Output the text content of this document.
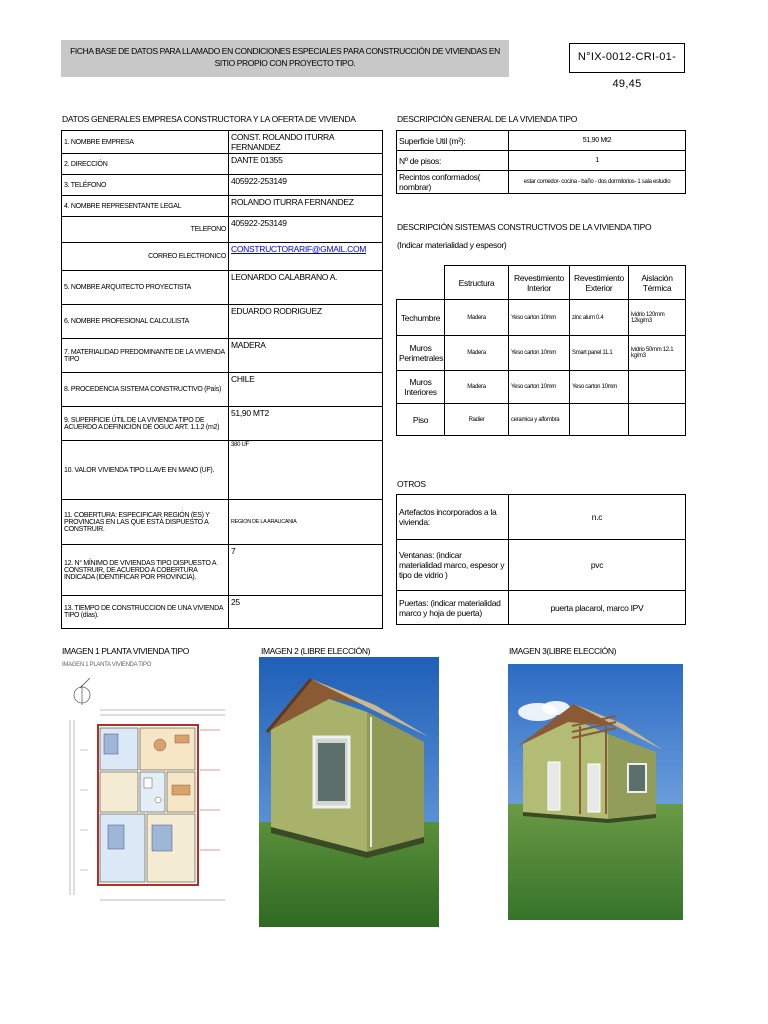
FICHA BASE DE DATOS PARA LLAMADO EN CONDICIONES ESPECIALES PARA CONSTRUCCIÓN DE VIVIENDAS EN SITIO PROPIO CON PROYECTO TIPO.	N°IX-0012-CRI-01-49,45
DATOS GENERALES EMPRESA CONSTRUCTORA Y LA OFERTA DE VIVIENDA
1. NOMBRE EMPRESA	CONST. ROLANDO ITURRA FERNANDEZ
2. DIRECCIÓN	DANTE 01355
3. TELÉFONO	405922-253149
4. NOMBRE REPRESENTANTE LEGAL	ROLANDO ITURRA FERNANDEZ
TELEFONO	405922-253149
CORREO ELECTRONICO	CONSTRUCTORARIF@GMAIL.COM
5. NOMBRE ARQUITECTO PROYECTISTA	LEONARDO CALABRANO A.
6. NOMBRE PROFESIONAL CALCULISTA	EDUARDO RODRIGUEZ
7. MATERIALIDAD PREDOMINANTE DE LA VIVIENDA TIPO	MADERA
8. PROCEDENCIA SISTEMA CONSTRUCTIVO (País)	CHILE
9. SUPERFICIE ÚTIL DE LA VIVIENDA TIPO DE ACUERDO A DEFINICIÓN DE OGUC ART. 1.1.2 (m2)	51,90 MT2
10. VALOR VIVIENDA TIPO LLAVE EN MANO (UF).	380 UF
11. COBERTURA: ESPECIFICAR REGIÓN (ES) Y PROVINCIAS EN LAS QUE ESTÁ DISPUESTO A CONSTRUIR.	REGION DE LA ARAUCANIA
12. N° MÍNIMO DE VIVIENDAS TIPO DISPUESTO A CONSTRUIR, DE ACUERDO A COBERTURA INDICADA (IDENTIFICAR POR PROVINCIA).	7
13. TIEMPO DE CONSTRUCCION DE UNA VIVIENDA TIPO (días).	25
DESCRIPCIÓN GENERAL DE LA VIVIENDA TIPO
Superficie Util (m²):	51,90 Mt2
Nº de pisos:	1
Recintos conformados( nombrar)	estar comedor- cocina - baño - dos dormitorios- 1 sala estudio
DESCRIPCIÓN SISTEMAS CONSTRUCTIVOS DE LA VIVIENDA TIPO
(Indicar materialidad y espesor)
	Estructura	Revestimiento Interior	Revestimiento Exterior	Aislación Térmica
Techumbre	Madera	Yeso carton 10mm	zinc alum 0.4	lvidrio 120mm 12kg/m3
Muros Perimetrales	Madera	Yeso carton 10mm	Smart panel 11.1	lvidrio 50mm 12.1 kg/m3
Muros Interiores	Madera	Yeso carton 10mm	Yeso carton 10mm	
Piso	Radier	ceramica y alfombra		
OTROS
Artefactos incorporados a la vivienda:	n.c
Ventanas: (indicar materialidad marco, espesor y tipo de vidrio )	pvc
Puertas: (indicar materialidad marco y hoja de puerta)	puerta placarol, marco IPV
IMAGEN 1 PLANTA VIVIENDA TIPO	IMAGEN 2 (LIBRE ELECCIÓN)	IMAGEN 3(LIBRE ELECCIÓN)
IMAGEN 1 PLANTA VIVIENDA TIPO
